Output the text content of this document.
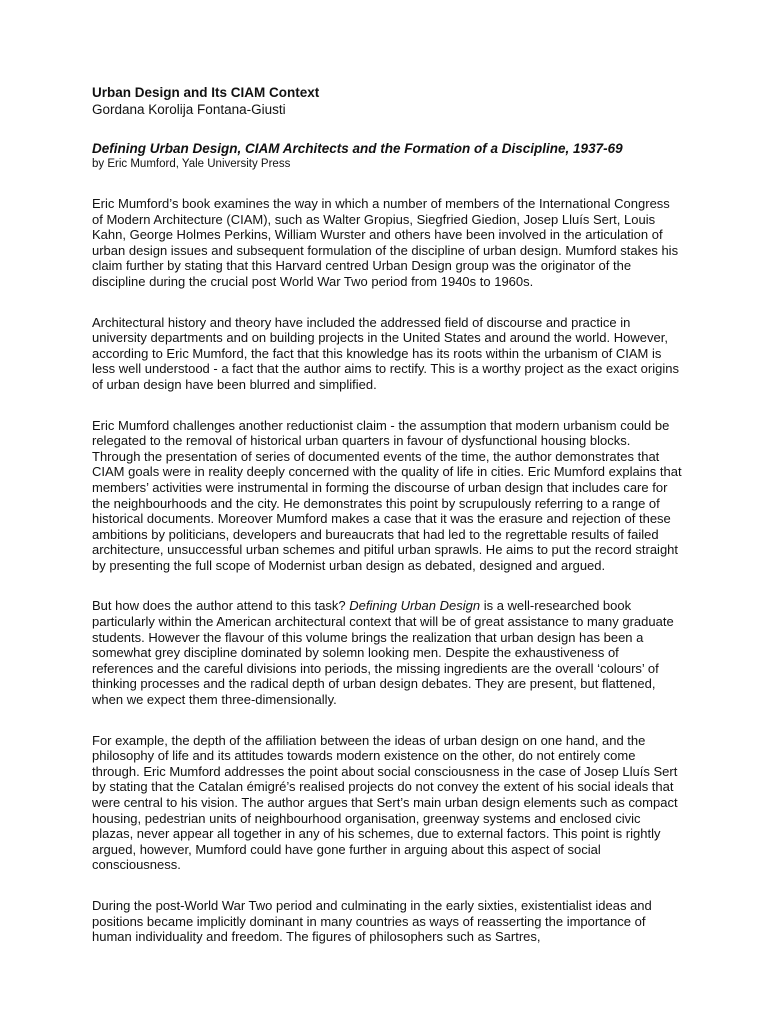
Urban Design and Its CIAM Context

Gordana Korolija Fontana-Giusti

Defining Urban Design, CIAM Architects and the Formation of a Discipline, 1937-69

by Eric Mumford, Yale University Press

Eric Mumford’s book examines the way in which a number of members of the International Congress of Modern Architecture (CIAM), such as Walter Gropius, Siegfried Giedion, Josep Lluís Sert, Louis Kahn, George Holmes Perkins, William Wurster and others have been involved in the articulation of urban design issues and subsequent formulation of the discipline of urban design. Mumford stakes his claim further by stating that this Harvard centred Urban Design group was the originator of the discipline during the crucial post World War Two period from 1940s to 1960s.

Architectural history and theory have included the addressed field of discourse and practice in university departments and on building projects in the United States and around the world. However, according to Eric Mumford, the fact that this knowledge has its roots within the urbanism of CIAM is less well understood - a fact that the author aims to rectify. This is a worthy project as the exact origins of urban design have been blurred and simplified.

Eric Mumford challenges another reductionist claim - the assumption that modern urbanism could be relegated to the removal of historical urban quarters in favour of dysfunctional housing blocks. Through the presentation of series of documented events of the time, the author demonstrates that CIAM goals were in reality deeply concerned with the quality of life in cities. Eric Mumford explains that members’ activities were instrumental in forming the discourse of urban design that includes care for the neighbourhoods and the city. He demonstrates this point by scrupulously referring to a range of historical documents. Moreover Mumford makes a case that it was the erasure and rejection of these ambitions by politicians, developers and bureaucrats that had led to the regrettable results of failed architecture, unsuccessful urban schemes and pitiful urban sprawls. He aims to put the record straight by presenting the full scope of Modernist urban design as debated, designed and argued.

But how does the author attend to this task? Defining Urban Design is a well-researched book particularly within the American architectural context that will be of great assistance to many graduate students. However the flavour of this volume brings the realization that urban design has been a somewhat grey discipline dominated by solemn looking men. Despite the exhaustiveness of references and the careful divisions into periods, the missing ingredients are the overall ‘colours’ of thinking processes and the radical depth of urban design debates. They are present, but flattened, when we expect them three-dimensionally.

For example, the depth of the affiliation between the ideas of urban design on one hand, and the philosophy of life and its attitudes towards modern existence on the other, do not entirely come through. Eric Mumford addresses the point about social consciousness in the case of Josep Lluís Sert by stating that the Catalan émigré’s realised projects do not convey the extent of his social ideals that were central to his vision. The author argues that Sert’s main urban design elements such as compact housing, pedestrian units of neighbourhood organisation, greenway systems and enclosed civic plazas, never appear all together in any of his schemes, due to external factors. This point is rightly argued, however, Mumford could have gone further in arguing about this aspect of social consciousness.

During the post-World War Two period and culminating in the early sixties, existentialist ideas and positions became implicitly dominant in many countries as ways of reasserting the importance of human individuality and freedom. The figures of philosophers such as Sartres,
